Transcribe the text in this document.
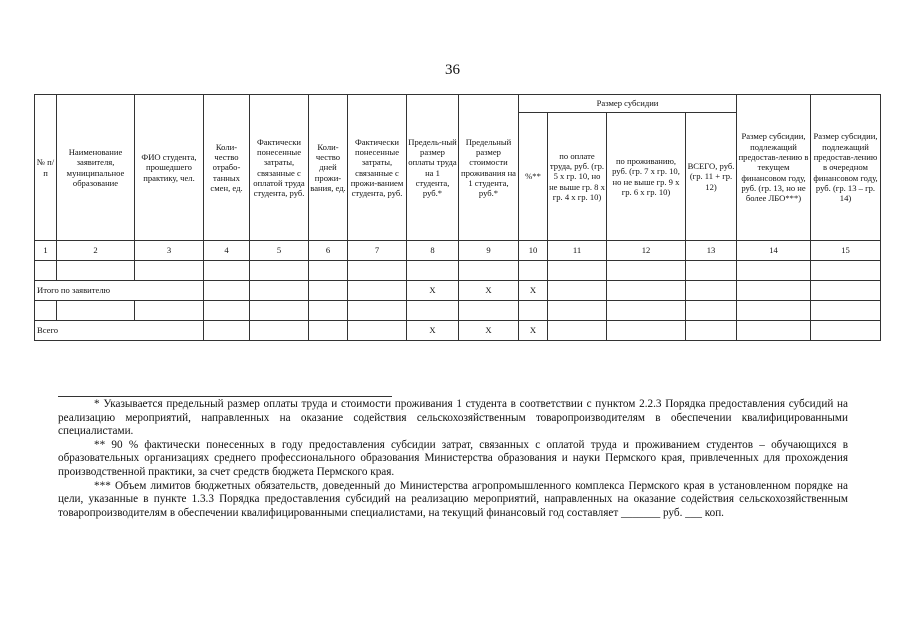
36
№ п/п	Наименование заявителя, муниципальное образование	ФИО студента, прошедшего практику, чел.	Коли-чество отрабо-танных смен, ед.	Фактически понесенные затраты, связанные с оплатой труда студента, руб.	Коли-чество дней прожи-вания, ед.	Фактически понесенные затраты, связанные с прожи-ванием студента, руб.	Предель-ный размер оплаты труда на 1 студента, руб.*	Предельный размер стоимости проживания на 1 студента, руб.*	Размер субсидии				Размер субсидии, подлежащий предостав-лению в текущем финансовом году, руб. (гр. 13, но не более ЛБО***)	Размер субсидии, подлежащий предостав-лению в очередном финансовом году, руб. (гр. 13 – гр. 14)
									%**	по оплате труда, руб. (гр. 5 х гр. 10, но не выше гр. 8 х гр. 4 х гр. 10)	по проживанию, руб. (гр. 7 х гр. 10, но не выше гр. 9 х гр. 6 х гр. 10)	ВСЕГО, руб. (гр. 11 + гр. 12)		
1	2	3	4	5	6	7	8	9	10	11	12	13	14	15

Итого по заявителю							Х	Х	Х					

Всего							Х	Х	Х					

* Указывается предельный размер оплаты труда и стоимости проживания 1 студента в соответствии с пунктом 2.2.3 Порядка предоставления субсидий на реализацию мероприятий, направленных на оказание содействия сельскохозяйственным товаропроизводителям в обеспечении квалифицированными специалистами.

** 90 % фактически понесенных в году предоставления субсидии затрат, связанных с оплатой труда и проживанием студентов – обучающихся в образовательных организациях среднего профессионального образования Министерства образования и науки Пермского края, привлеченных для прохождения производственной практики, за счет средств бюджета Пермского края.

*** Объем лимитов бюджетных обязательств, доведенный до Министерства агропромышленного комплекса Пермского края в установленном порядке на цели, указанные в пункте 1.3.3 Порядка предоставления субсидий на реализацию мероприятий, направленных на оказание содействия сельскохозяйственным товаропроизводителям в обеспечении квалифицированными специалистами, на текущий финансовый год составляет _______ руб. ___ коп.
